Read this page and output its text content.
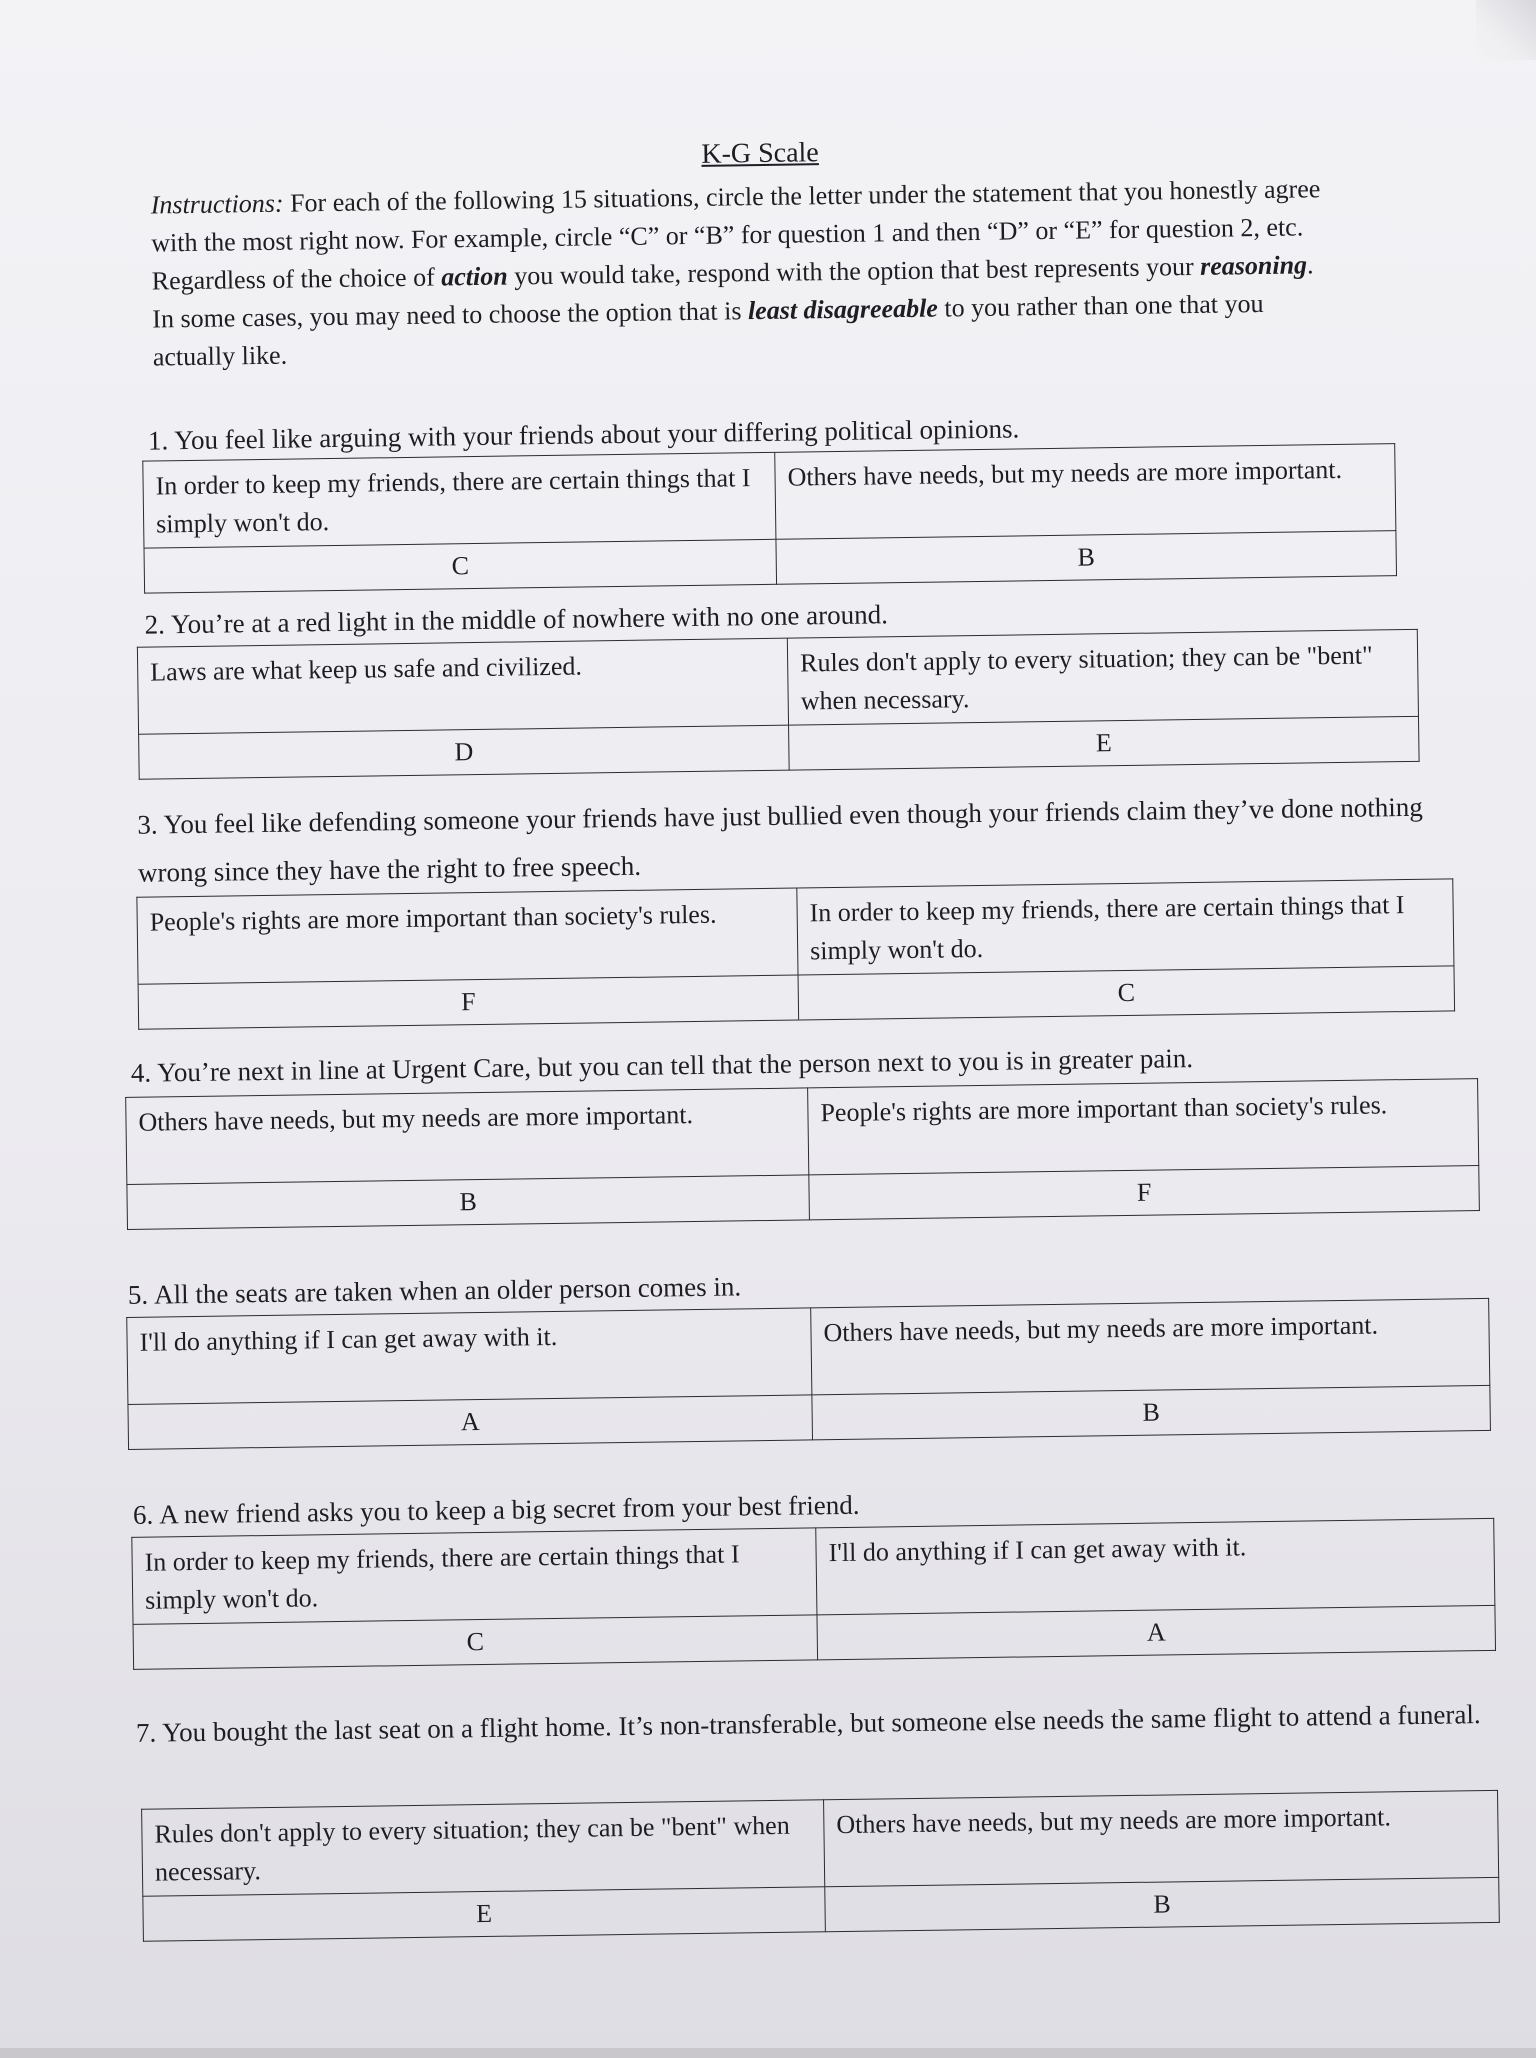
K-G Scale
Instructions: For each of the following 15 situations, circle the letter under the statement that you honestly agree with the most right now. For example, circle “C” or “B” for question 1 and then “D” or “E” for question 2, etc. Regardless of the choice of action you would take, respond with the option that best represents your reasoning. In some cases, you may need to choose the option that is least disagreeable to you rather than one that you actually like.
1. You feel like arguing with your friends about your differing political opinions.
In order to keep my friends, there are certain things that I simply won't do.	Others have needs, but my needs are more important.
C	B
2. You’re at a red light in the middle of nowhere with no one around.
Laws are what keep us safe and civilized.	Rules don't apply to every situation; they can be "bent" when necessary.
D	E
3. You feel like defending someone your friends have just bullied even though your friends claim they’ve done nothing wrong since they have the right to free speech.
People's rights are more important than society's rules.	In order to keep my friends, there are certain things that I simply won't do.
F	C
4. You’re next in line at Urgent Care, but you can tell that the person next to you is in greater pain.
Others have needs, but my needs are more important.	People's rights are more important than society's rules.
B	F
5. All the seats are taken when an older person comes in.
I'll do anything if I can get away with it.	Others have needs, but my needs are more important.
A	B
6. A new friend asks you to keep a big secret from your best friend.
In order to keep my friends, there are certain things that I simply won't do.	I'll do anything if I can get away with it.
C	A
7. You bought the last seat on a flight home. It’s non-transferable, but someone else needs the same flight to attend a funeral.
Rules don't apply to every situation; they can be "bent" when necessary.	Others have needs, but my needs are more important.
E	B
